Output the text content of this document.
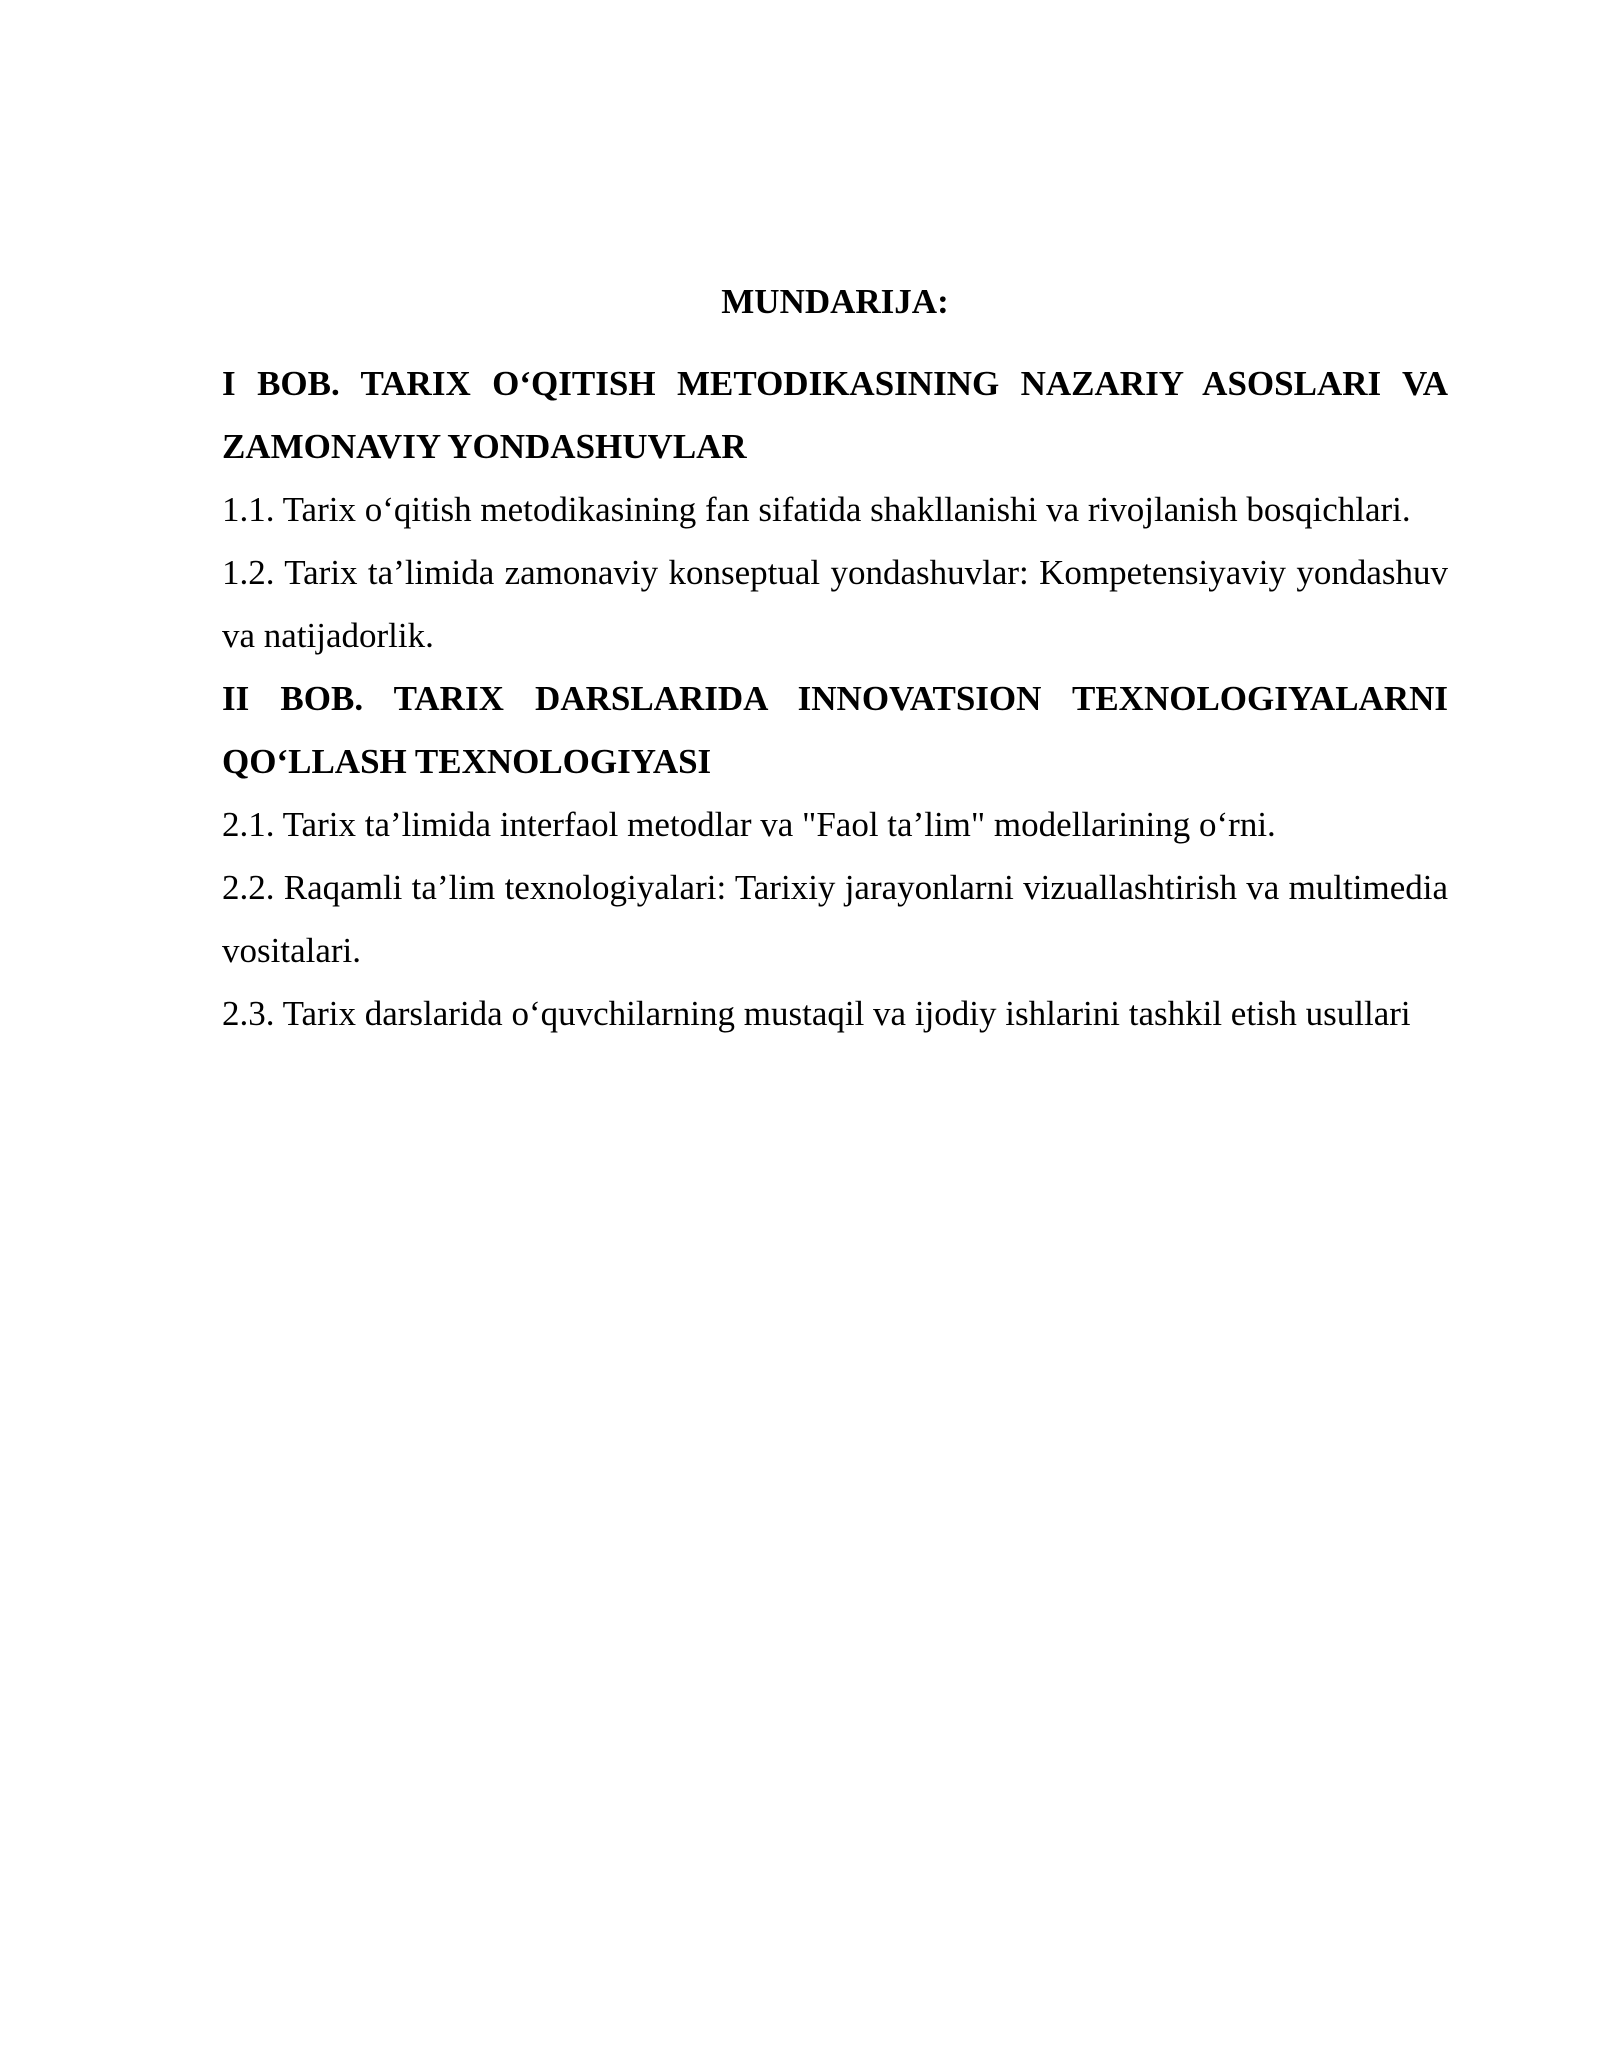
MUNDARIJA:

I BOB. TARIX O‘QITISH METODIKASINING NAZARIY ASOSLARI VA ZAMONAVIY YONDASHUVLAR

1.1. Tarix o‘qitish metodikasining fan sifatida shakllanishi va rivojlanish bosqichlari.

1.2. Tarix ta’limida zamonaviy konseptual yondashuvlar: Kompetensiyaviy yondashuv va natijadorlik.

II BOB. TARIX DARSLARIDA INNOVATSION TEXNOLOGIYALARNI QO‘LLASH TEXNOLOGIYASI

2.1. Tarix ta’limida interfaol metodlar va "Faol ta’lim" modellarining o‘rni.

2.2. Raqamli ta’lim texnologiyalari: Tarixiy jarayonlarni vizuallashtirish va multimedia vositalari.

2.3. Tarix darslarida o‘quvchilarning mustaqil va ijodiy ishlarini tashkil etish usullari
